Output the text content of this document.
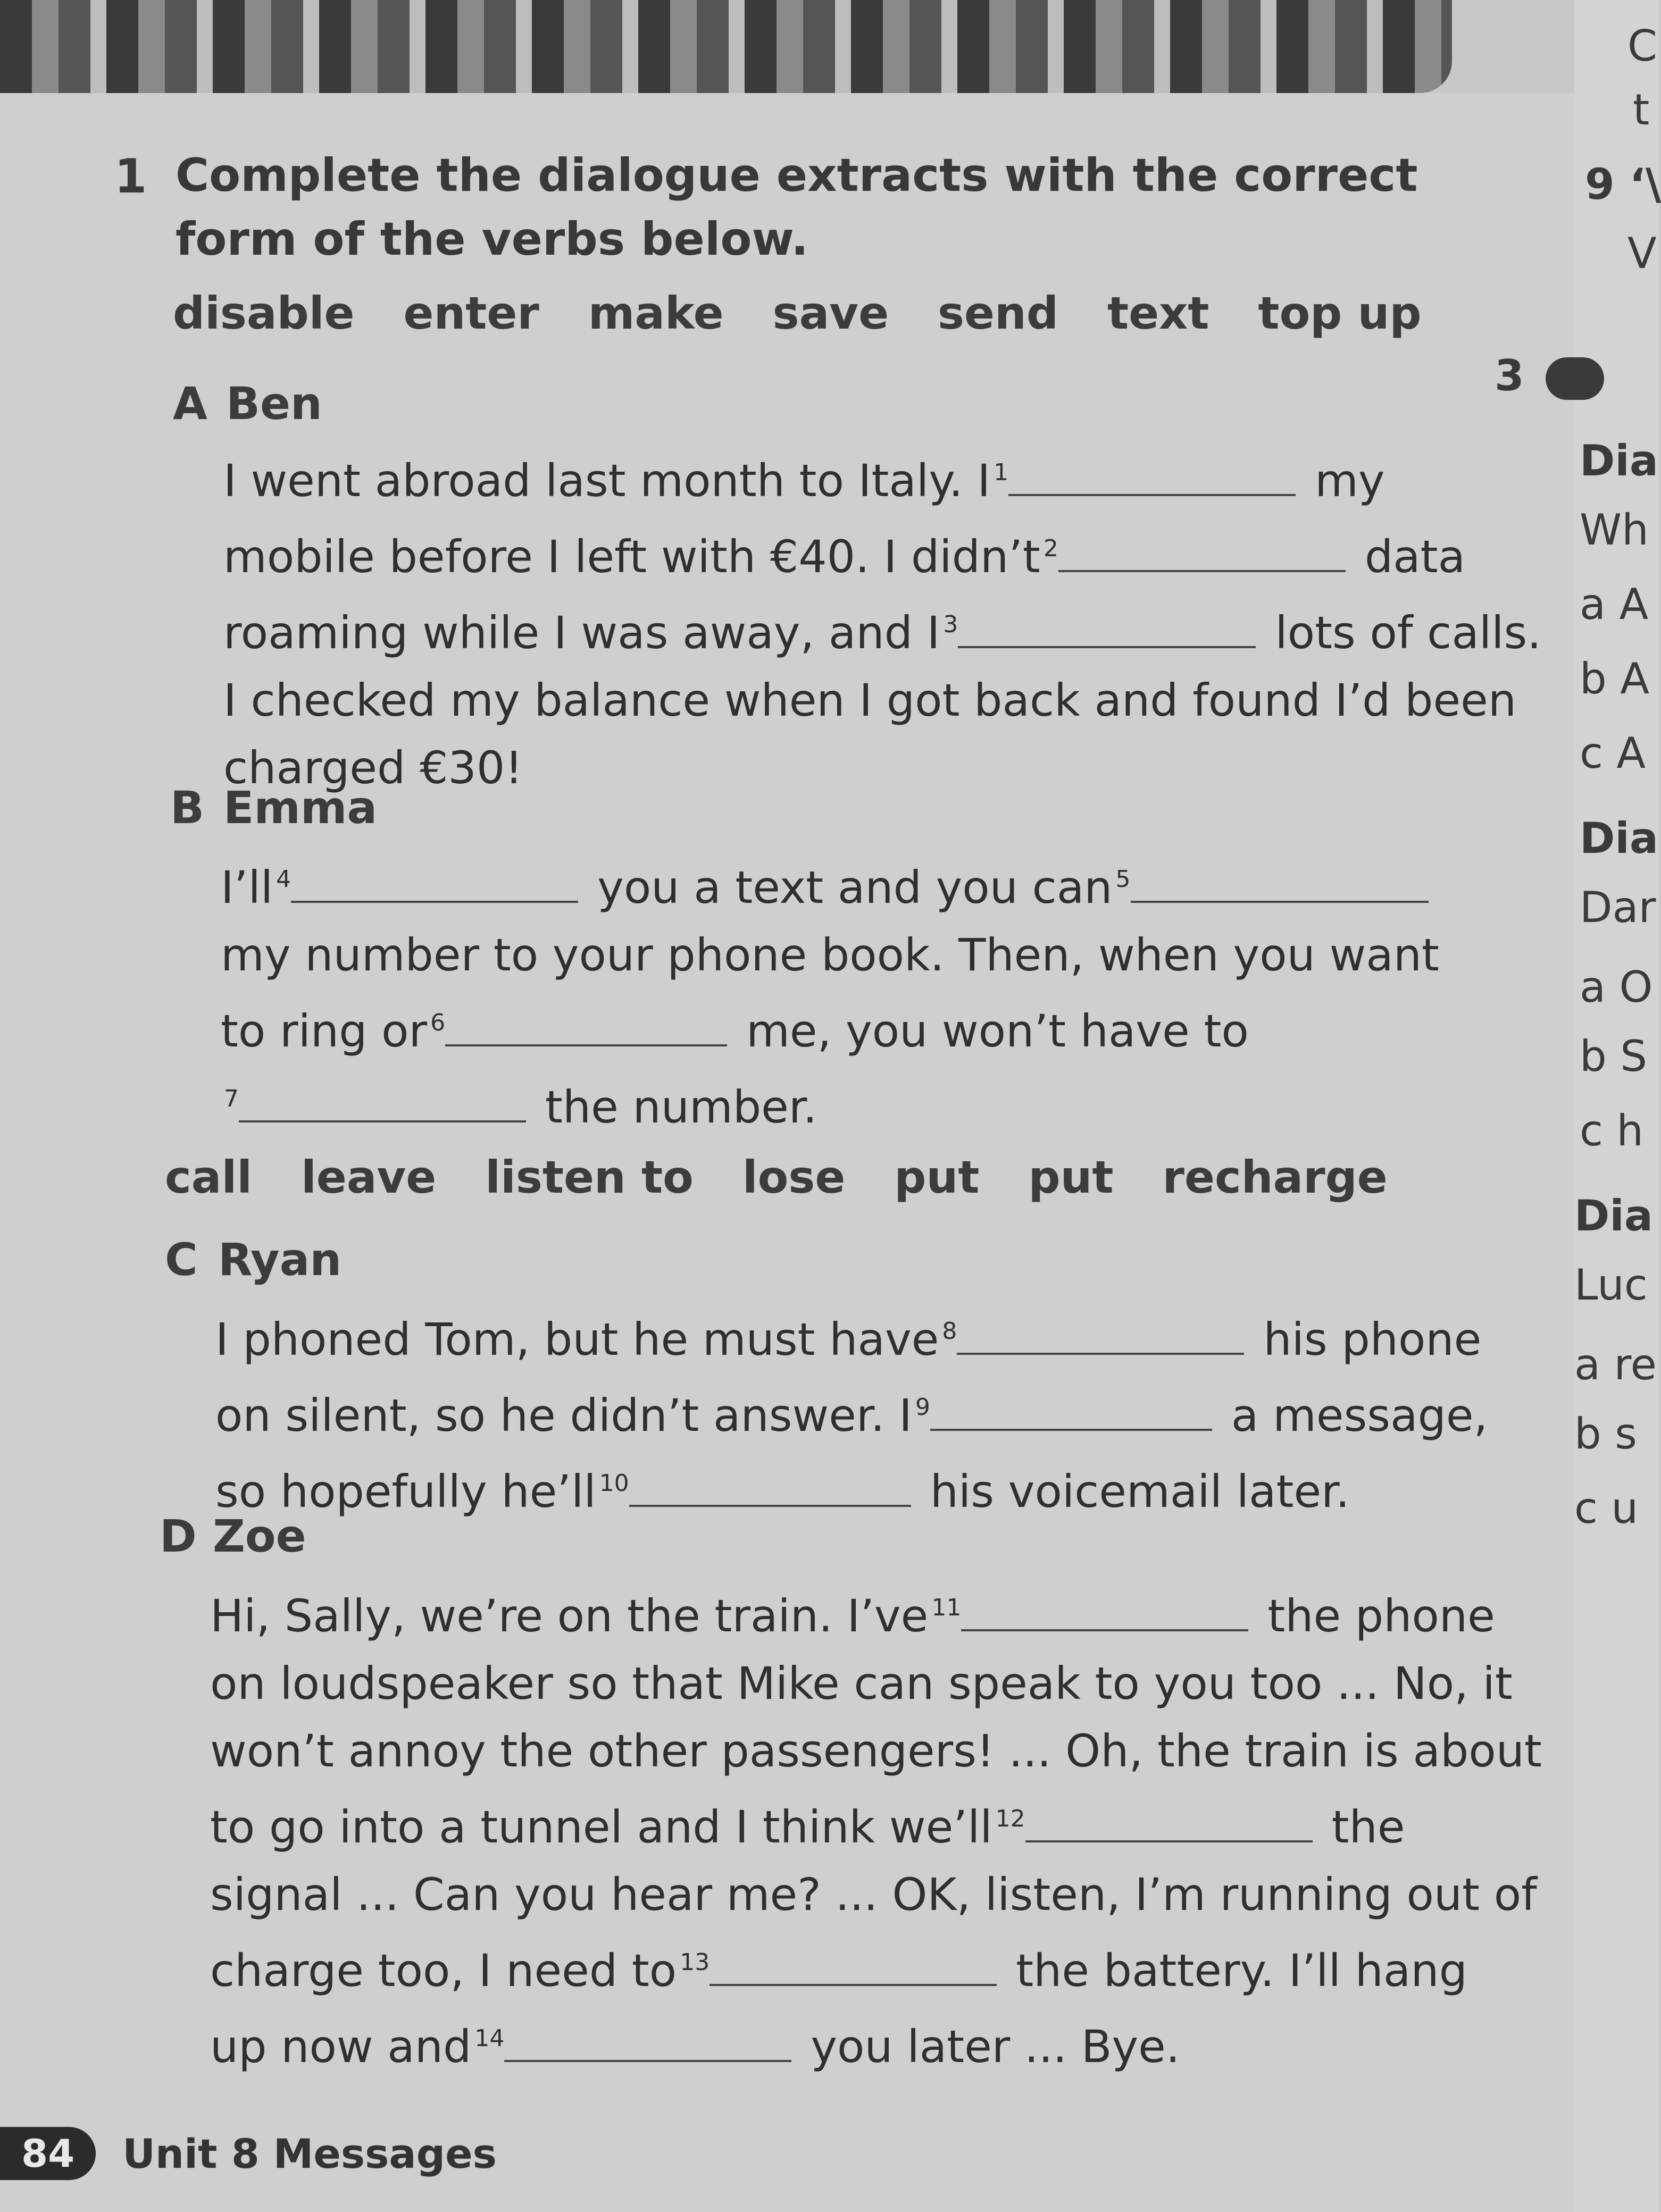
1 Complete the dialogue extracts with the correct form of the verbs below.
disable enter make save send text top up
A Ben
I went abroad last month to Italy. I $^1$	my
mobile before I left with €40. I didn’t $^2$	data
roaming while I was away, and I $^3$	lots of calls.
I checked my balance when I got back and found I’d been
charged €30!
B Emma
I’ll $^4$	you a text and you can $^5$
my number to your phone book. Then, when you want
to ring or $^6$	me, you won’t have to
$^7$	the number.
call leave listen to lose put put recharge
C Ryan
I phoned Tom, but he must have $^8$	his phone
on silent, so he didn’t answer. I $^9$	a message,
so hopefully he’ll $^{10}$	his voicemail later.
D Zoe
Hi, Sally, we’re on the train. I’ve $^{11}$	the phone
on loudspeaker so that Mike can speak to you too ... No, it
won’t annoy the other passengers! ... Oh, the train is about
to go into a tunnel and I think we’ll $^{12}$	the
signal ... Can you hear me? ... OK, listen, I’m running out of
charge too, I need to $^{13}$	the battery. I’ll hang
up now and $^{14}$	you later ... Bye.
84	Unit 8 Messages
C
t
9 ‘\
V
3
Dia
Wh
a A
b A
c A
Dia
Dar
a O
b S
c h
Dia
Luc
a re
b s
c u
